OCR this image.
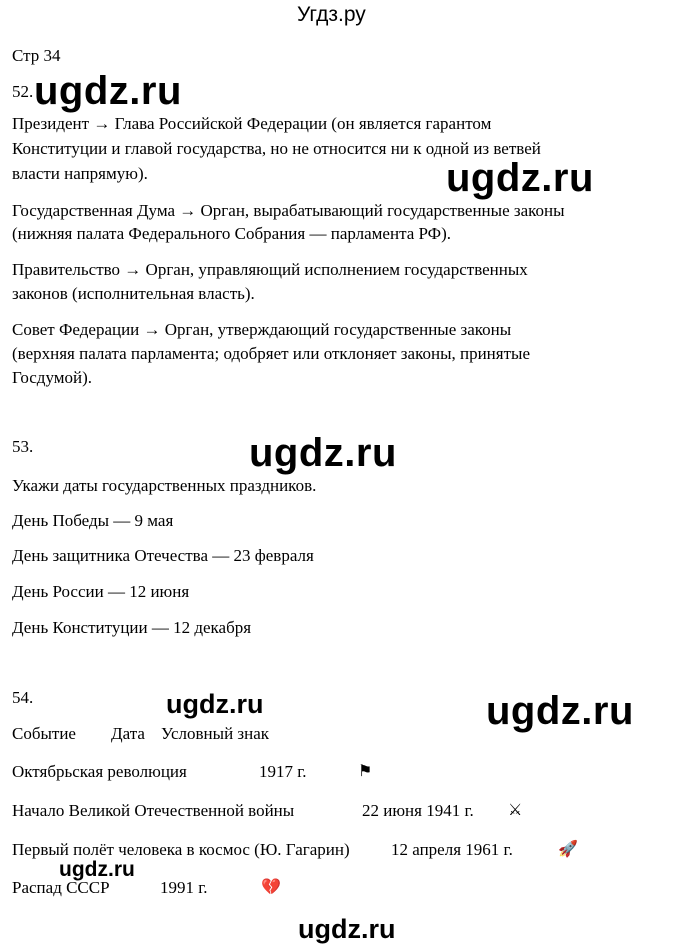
Угдз.ру
Стр 34
52.
Президент → Глава Российской Федерации (он является гарантом
Конституции и главой государства, но не относится ни к одной из ветвей
власти напрямую).
Государственная Дума → Орган, вырабатывающий государственные законы
(нижняя палата Федерального Собрания — парламента РФ).
Правительство → Орган, управляющий исполнением государственных
законов (исполнительная власть).
Совет Федерации → Орган, утверждающий государственные законы
(верхняя палата парламента; одобряет или отклоняет законы, принятые
Госдумой).
53.
Укажи даты государственных праздников.
День Победы — 9 мая
День защитника Отечества — 23 февраля
День России — 12 июня
День Конституции — 12 декабря
54.
Событие Дата Условный знак
Октябрьская революция	1917 г.	⚑
Начало Великой Отечественной войны	22 июня 1941 г. ⚔
Первый полёт человека в космос (Ю. Гагарин) 12 апреля 1961 г.	🚀
Распад СССР	1991 г.	💔
ugdz.ru
ugdz.ru
ugdz.ru
ugdz.ru	ugdz.ru
ugdz.ru
ugdz.ru
